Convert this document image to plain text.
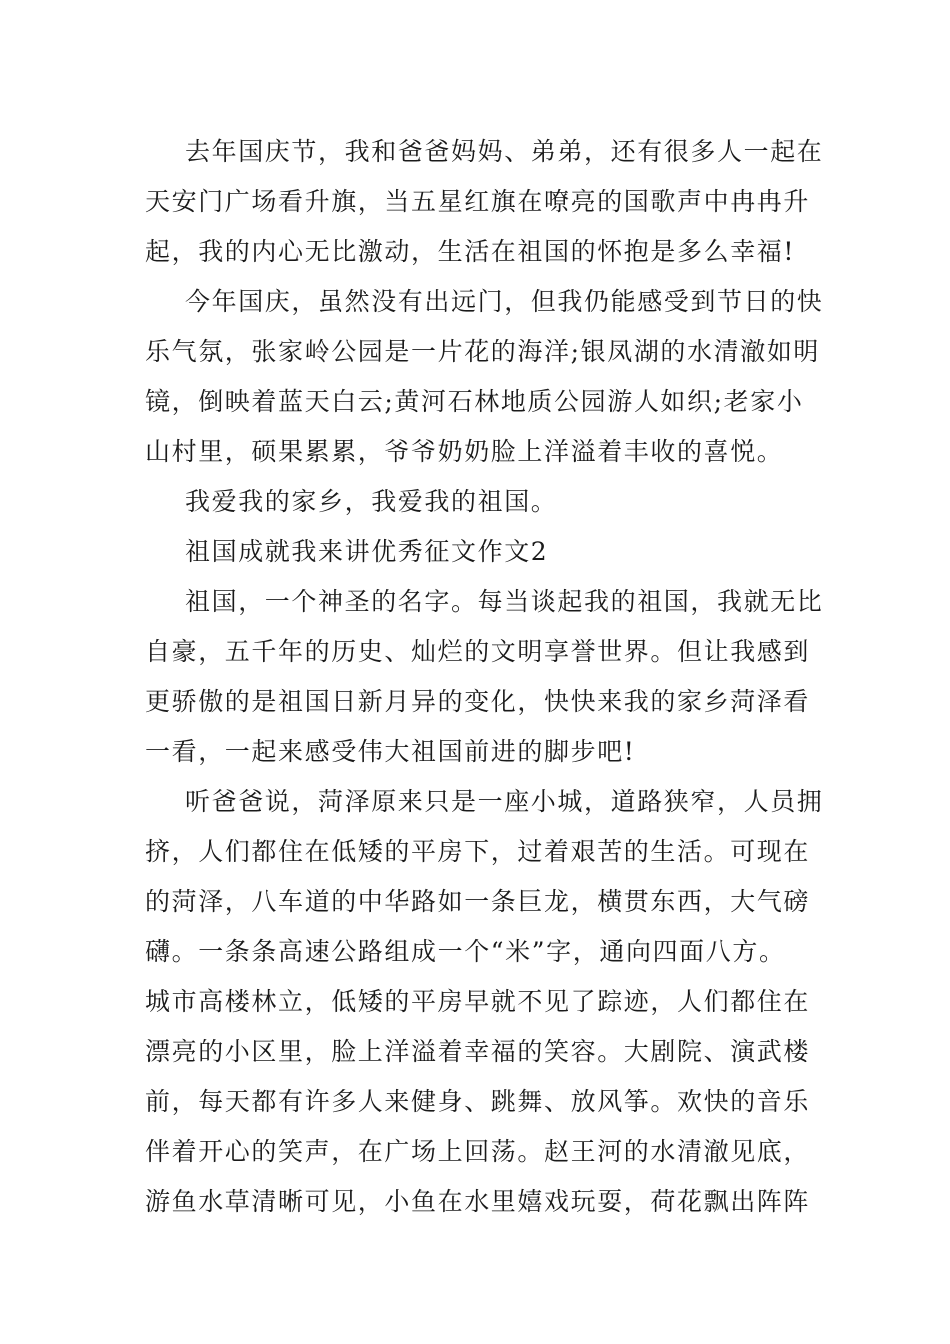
去年国庆节，我和爸爸妈妈、弟弟，还有很多人一起在
天安门广场看升旗，当五星红旗在嘹亮的国歌声中冉冉升
起，我的内心无比激动，生活在祖国的怀抱是多么幸福!
今年国庆，虽然没有出远门，但我仍能感受到节日的快
乐气氛，张家岭公园是一片花的海洋;银凤湖的水清澈如明
镜，倒映着蓝天白云;黄河石林地质公园游人如织;老家小
山村里，硕果累累，爷爷奶奶脸上洋溢着丰收的喜悦。
我爱我的家乡，我爱我的祖国。
祖国成就我来讲优秀征文作文2
祖国，一个神圣的名字。每当谈起我的祖国，我就无比
自豪，五千年的历史、灿烂的文明享誉世界。但让我感到
更骄傲的是祖国日新月异的变化，快快来我的家乡菏泽看
一看，一起来感受伟大祖国前进的脚步吧!
听爸爸说，菏泽原来只是一座小城，道路狭窄，人员拥
挤，人们都住在低矮的平房下，过着艰苦的生活。可现在
的菏泽，八车道的中华路如一条巨龙，横贯东西，大气磅
礴。一条条高速公路组成一个“米”字，通向四面八方。
城市高楼林立，低矮的平房早就不见了踪迹，人们都住在
漂亮的小区里，脸上洋溢着幸福的笑容。大剧院、演武楼
前，每天都有许多人来健身、跳舞、放风筝。欢快的音乐
伴着开心的笑声，在广场上回荡。赵王河的水清澈见底，
游鱼水草清晰可见，小鱼在水里嬉戏玩耍，荷花飘出阵阵
